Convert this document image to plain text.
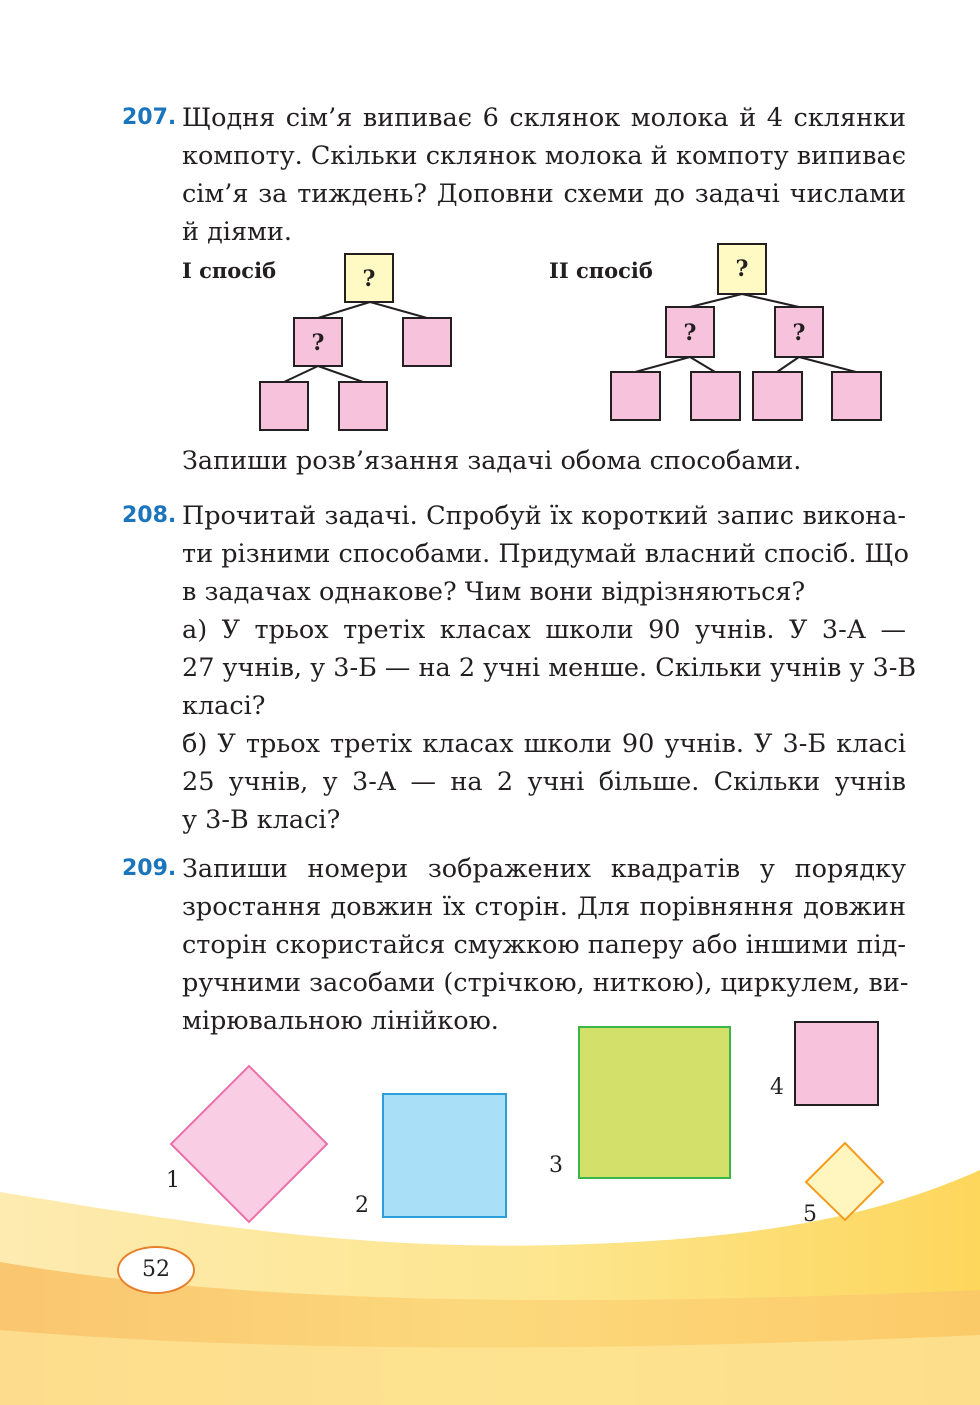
207. Щодня сім’я випиває 6 склянок молока й 4 склянки
компоту. Скільки склянок молока й компоту випиває
сім’я за тиждень? Доповни схеми до задачі числами
й діями.
І спосіб	ІІ спосіб
?
?
?
?	?
Запиши розв’язання задачі обома способами.
208. Прочитай задачі. Спробуй їх короткий запис викона-
ти різними способами. Придумай власний спосіб. Що
в задачах однакове? Чим вони відрізняються?
а) У трьох третіх класах школи 90 учнів. У 3-А —
27 учнів, у 3-Б — на 2 учні менше. Скільки учнів у 3-В
класі?
б) У трьох третіх класах школи 90 учнів. У 3-Б класі
25 учнів, у 3-А — на 2 учні більше. Скільки учнів
у 3-В класі?
209. Запиши номери зображених квадратів у порядку
зростання довжин їх сторін. Для порівняння довжин
сторін скористайся смужкою паперу або іншими під-
ручними засобами (стрічкою, ниткою), циркулем, ви-
мірювальною лінійкою.
1
2
3
4
5
52
